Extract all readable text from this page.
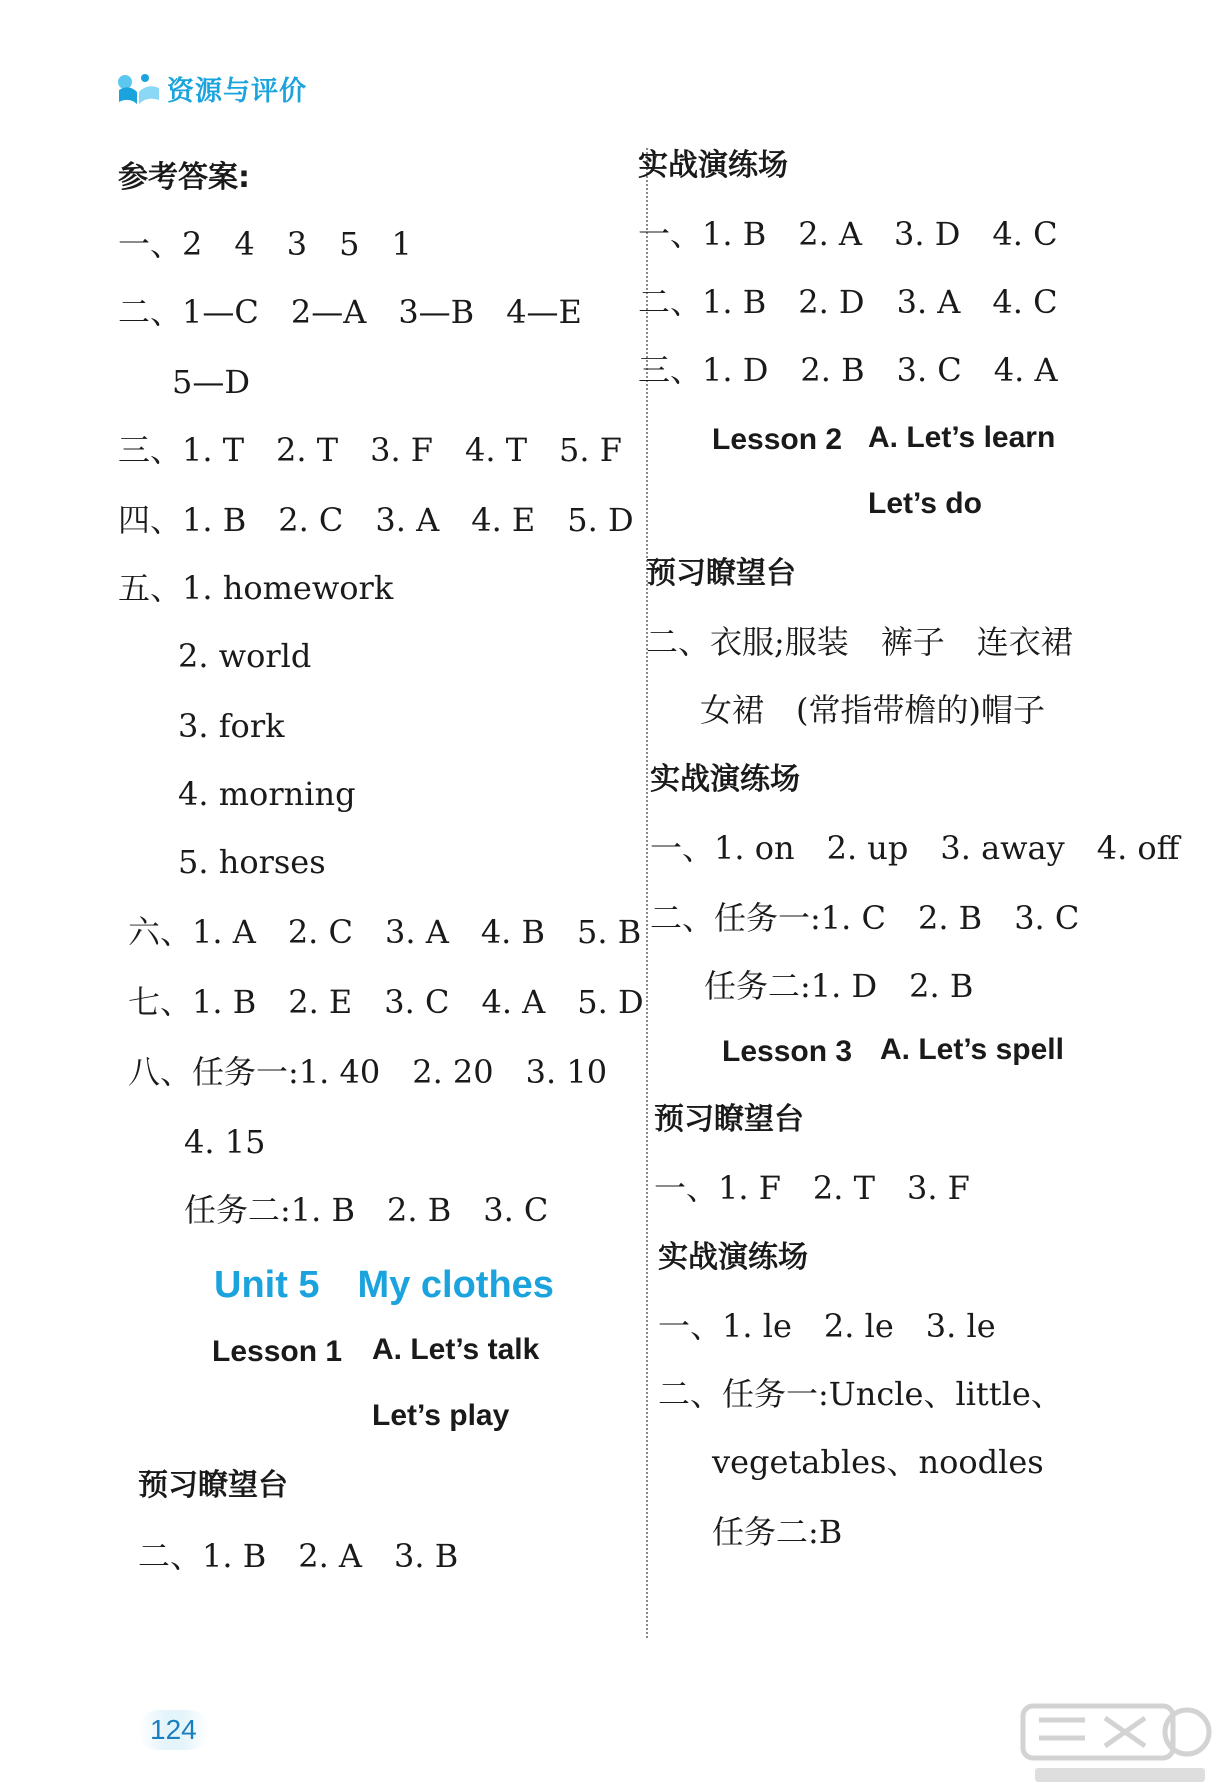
资源与评价
参考答案:
一、2　4　3　5　1
二、1—C　2—A　3—B　4—E
5—D
三、1. T　2. T　3. F　4. T　5. F
四、1. B　2. C　3. A　4. E　5. D
五、1. homework
2. world
3. fork
4. morning
5. horses
六、1. A　2. C　3. A　4. B　5. B
七、1. B　2. E　3. C　4. A　5. D
八、任务一:1. 40　2. 20　3. 10
4. 15
任务二:1. B　2. B　3. C
Unit 5　My clothes
Lesson 1 A. Let’s talk
Let’s play
预习瞭望台
二、1. B　2. A　3. B
实战演练场
一、1. B　2. A　3. D　4. C
二、1. B　2. D　3. A　4. C
三、1. D　2. B　3. C　4. A
Lesson 2 A. Let’s learn
Let’s do
预习瞭望台
二、衣服;服装　裤子　连衣裙
女裙　(常指带檐的)帽子
实战演练场
一、1. on　2. up　3. away　4. off
二、任务一:1. C　2. B　3. C
任务二:1. D　2. B
Lesson 3 A. Let’s spell
预习瞭望台
一、1. F　2. T　3. F
实战演练场
一、1. le　2. le　3. le
二、任务一:Uncle、little、
vegetables、noodles
任务二:B
124
